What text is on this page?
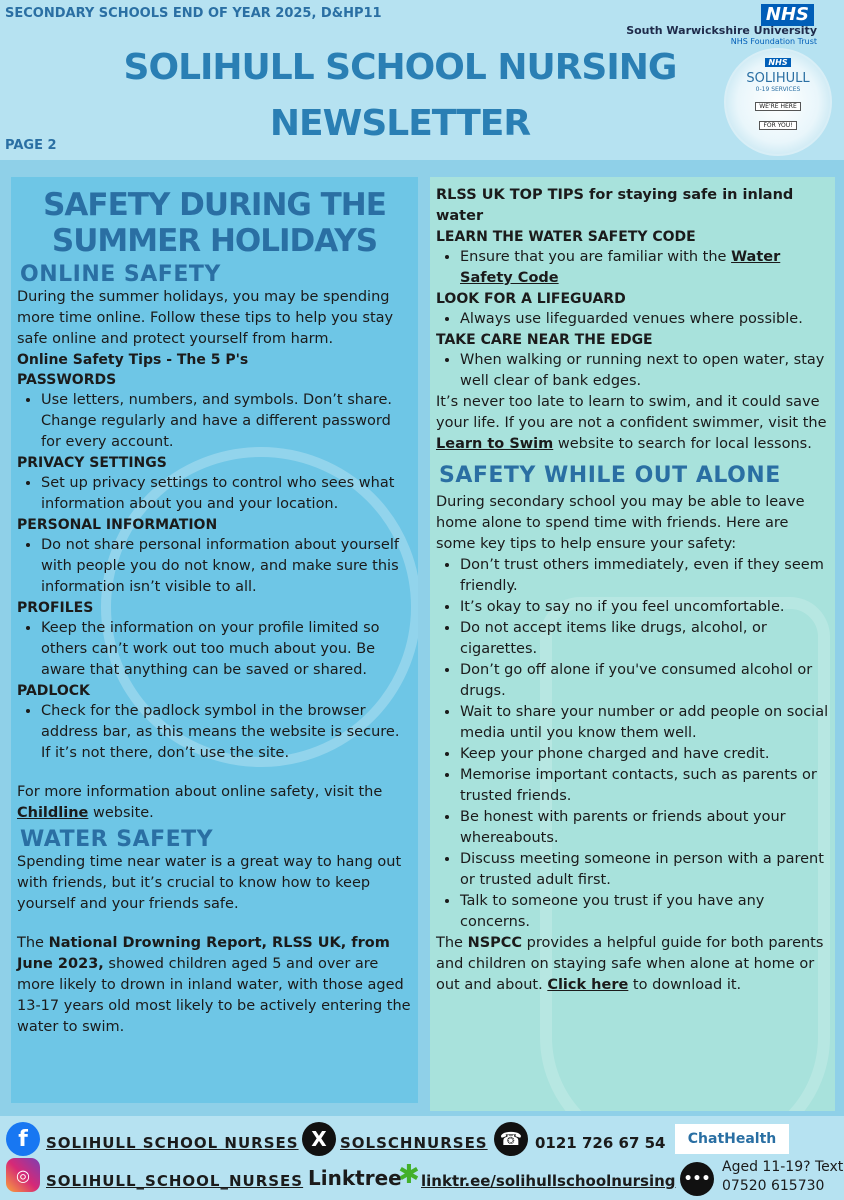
SECONDARY SCHOOLS END OF YEAR 2025, D&HP11
SOLIHULL SCHOOL NURSING
NEWSLETTER
PAGE 2
NHS
South Warwickshire University
NHS Foundation Trust
NHS
SOLIHULL
0-19 SERVICES
WE'RE HERE
FOR YOU!
SAFETY DURING THE
SUMMER HOLIDAYS
ONLINE SAFETY

During the summer holidays, you may be spending more time online. Follow these tips to help you stay safe online and protect yourself from harm.

Online Safety Tips - The 5 P's
PASSWORDS
• Use letters, numbers, and symbols. Don’t share. Change regularly and have a different password for every account.
PRIVACY SETTINGS
• Set up privacy settings to control who sees what information about you and your location.
PERSONAL INFORMATION
• Do not share personal information about yourself with people you do not know, and make sure this information isn’t visible to all.
PROFILES
• Keep the information on your profile limited so others can’t work out too much about you. Be aware that anything can be saved or shared.
PADLOCK
• Check for the padlock symbol in the browser address bar, as this means the website is secure. If it’s not there, don’t use the site.

For more information about online safety, visit the Childline website.

WATER SAFETY

Spending time near water is a great way to hang out with friends, but it’s crucial to know how to keep yourself and your friends safe.

The National Drowning Report, RLSS UK, from June 2023, showed children aged 5 and over are more likely to drown in inland water, with those aged 13-17 years old most likely to be actively entering the water to swim.

RLSS UK TOP TIPS for staying safe in inland water
LEARN THE WATER SAFETY CODE
• Ensure that you are familiar with the Water Safety Code
LOOK FOR A LIFEGUARD
• Always use lifeguarded venues where possible.
TAKE CARE NEAR THE EDGE
• When walking or running next to open water, stay well clear of bank edges.

It’s never too late to learn to swim, and it could save your life. If you are not a confident swimmer, visit the Learn to Swim website to search for local lessons.

SAFETY WHILE OUT ALONE

During secondary school you may be able to leave home alone to spend time with friends. Here are some key tips to help ensure your safety:

• Don’t trust others immediately, even if they seem friendly.
• It’s okay to say no if you feel uncomfortable.
• Do not accept items like drugs, alcohol, or cigarettes.
• Don’t go off alone if you've consumed alcohol or drugs.
• Wait to share your number or add people on social media until you know them well.
• Keep your phone charged and have credit.
• Memorise important contacts, such as parents or trusted friends.
• Be honest with parents or friends about your whereabouts.
• Discuss meeting someone in person with a parent or trusted adult first.
• Talk to someone you trust if you have any concerns.

The NSPCC provides a helpful guide for both parents and children on staying safe when alone at home or out and about. Click here to download it.

f	SOLIHULL SCHOOL NURSES X SOLSCHNURSES ☎ 0121 726 67 54	ChatHealth
◎	SOLIHULL_SCHOOL_NURSES Linktree
✱ linktr.ee/solihullschoolnursing •••
Aged 11-19? Text
07520 615730
